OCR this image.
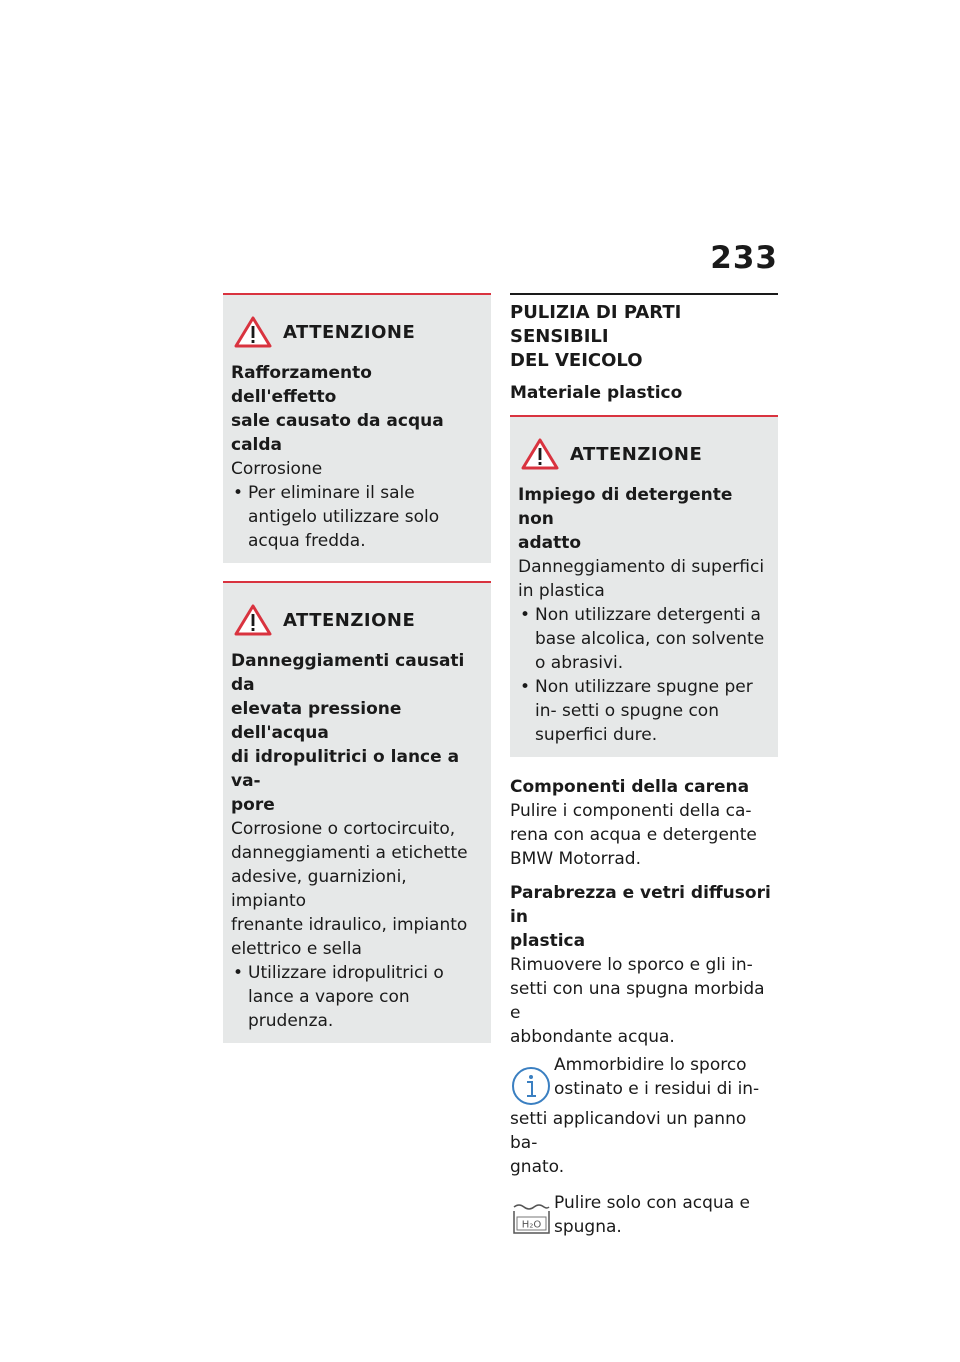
233
ATTENZIONE
Rafforzamento dell'effetto
sale causato da acqua calda
Corrosione
• Per eliminare il sale antigelo utilizzare solo acqua fredda.
ATTENZIONE
Danneggiamenti causati da
elevata pressione dell'acqua
di idropulitrici o lance a va-
pore
Corrosione o cortocircuito,
danneggiamenti a etichette
adesive, guarnizioni, impianto
frenante idraulico, impianto
elettrico e sella
• Utilizzare idropulitrici o lance a vapore con prudenza.
PULIZIA DI PARTI SENSIBILI
DEL VEICOLO
Materiale plastico
ATTENZIONE
Impiego di detergente non
adatto
Danneggiamento di superfici
in plastica
• Non utilizzare detergenti a base alcolica, con solvente o abrasivi.
• Non utilizzare spugne per in- setti o spugne con superfici dure.
Componenti della carena
Pulire i componenti della ca-
rena con acqua e detergente
BMW Motorrad.
Parabrezza e vetri diffusori in
plastica
Rimuovere lo sporco e gli in-
setti con una spugna morbida e
abbondante acqua.
Ammorbidire lo sporco
ostinato e i residui di in-
setti applicandovi un panno ba-
gnato.
H₂O
Pulire solo con acqua e
spugna.
